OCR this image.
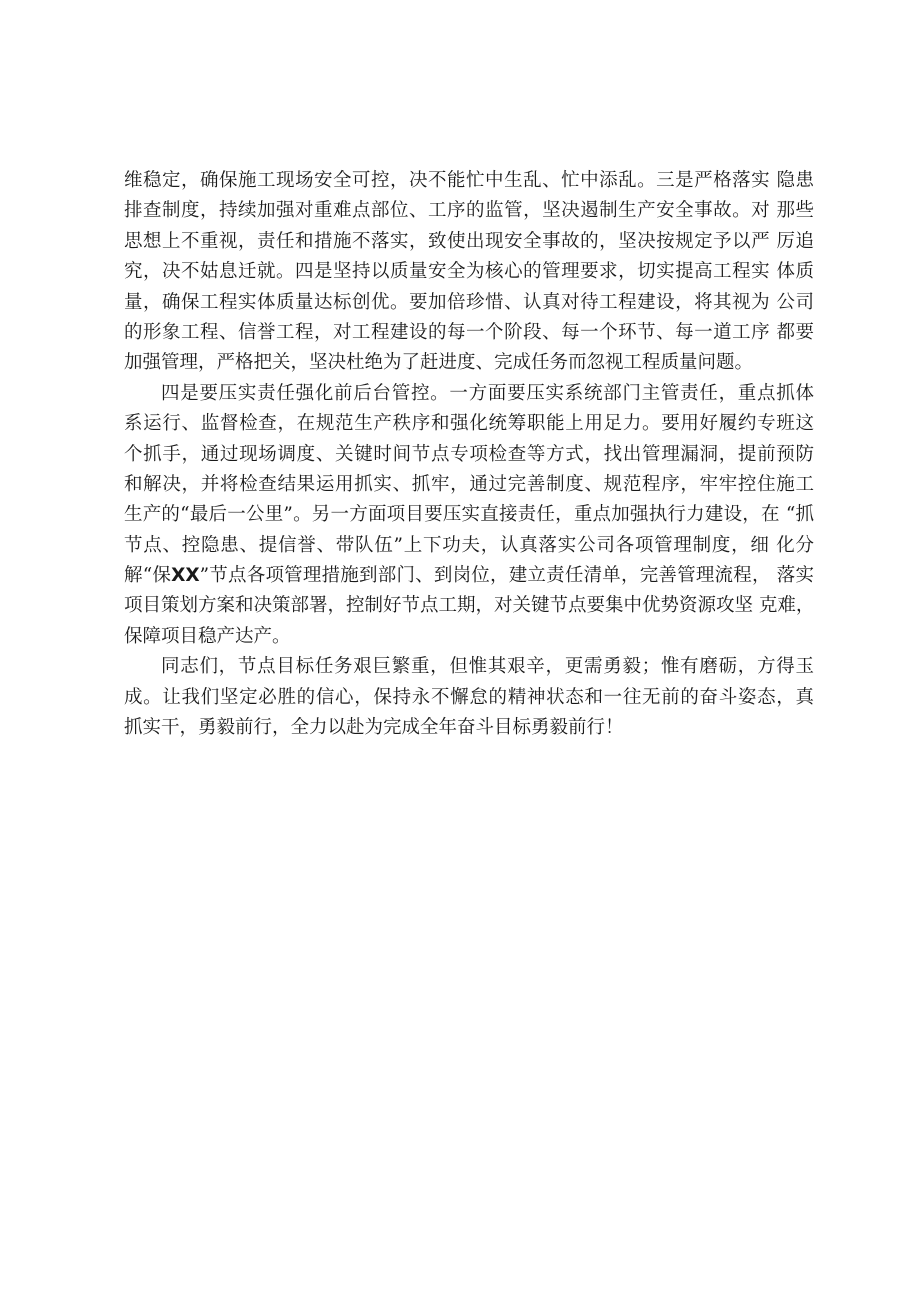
维稳定，确保施工现场安全可控，决不能忙中生乱、忙中添乱。三是严格落实 隐患
排查制度，持续加强对重难点部位、工序的监管，坚决遏制生产安全事故。对 那些
思想上不重视，责任和措施不落实，致使出现安全事故的，坚决按规定予以严 厉追
究，决不姑息迁就。四是坚持以质量安全为核心的管理要求，切实提高工程实 体质
量，确保工程实体质量达标创优。要加倍珍惜、认真对待工程建设，将其视为 公司
的形象工程、信誉工程，对工程建设的每一个阶段、每一个环节、每一道工序 都要
加强管理，严格把关，坚决杜绝为了赶进度、完成任务而忽视工程质量问题。
四是要压实责任强化前后台管控。一方面要压实系统部门主管责任，重点抓体
系运行、监督检查，在规范生产秩序和强化统筹职能上用足力。要用好履约专班这
个抓手，通过现场调度、关键时间节点专项检查等方式，找出管理漏洞，提前预防
和解决，并将检查结果运用抓实、抓牢，通过完善制度、规范程序，牢牢控住施工
生产的“最后一公里”。另一方面项目要压实直接责任，重点加强执行力建设，在 “抓
节点、控隐患、提信誉、带队伍”上下功夫，认真落实公司各项管理制度，细 化分
解“保XX”节点各项管理措施到部门、到岗位，建立责任清单，完善管理流程， 落实
项目策划方案和决策部署，控制好节点工期，对关键节点要集中优势资源攻坚 克难，
保障项目稳产达产。
同志们，节点目标任务艰巨繁重，但惟其艰辛，更需勇毅；惟有磨砺，方得玉
成。让我们坚定必胜的信心，保持永不懈怠的精神状态和一往无前的奋斗姿态，真
抓实干，勇毅前行，全力以赴为完成全年奋斗目标勇毅前行！
